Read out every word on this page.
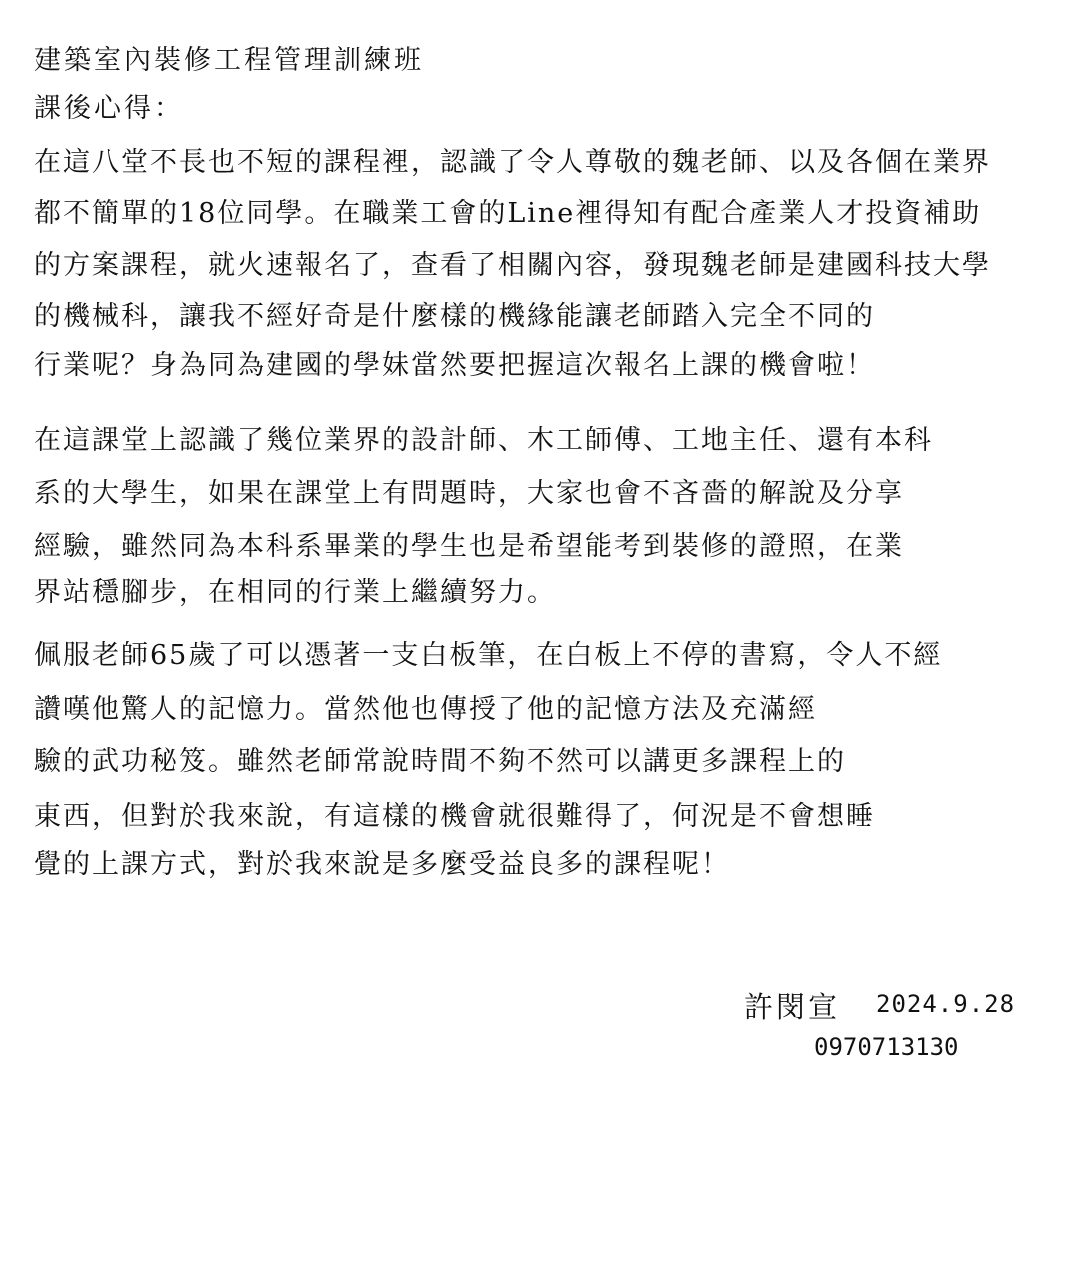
建築室內裝修工程管理訓練班
課後心得：
在這八堂不長也不短的課程裡，認識了令人尊敬的魏老師、以及各個在業界
都不簡單的18位同學。在職業工會的Line裡得知有配合產業人才投資補助
的方案課程，就火速報名了，查看了相關內容，發現魏老師是建國科技大學
的機械科，讓我不經好奇是什麼樣的機緣能讓老師踏入完全不同的
行業呢？身為同為建國的學妹當然要把握這次報名上課的機會啦！
在這課堂上認識了幾位業界的設計師、木工師傅、工地主任、還有本科
系的大學生，如果在課堂上有問題時，大家也會不吝嗇的解說及分享
經驗，雖然同為本科系畢業的學生也是希望能考到裝修的證照，在業
界站穩腳步，在相同的行業上繼續努力。
佩服老師65歲了可以憑著一支白板筆，在白板上不停的書寫，令人不經
讚嘆他驚人的記憶力。當然他也傳授了他的記憶方法及充滿經
驗的武功秘笈。雖然老師常說時間不夠不然可以講更多課程上的
東西，但對於我來說，有這樣的機會就很難得了，何況是不會想睡
覺的上課方式，對於我來說是多麼受益良多的課程呢！
許閔宣 2024.9.28
0970713130
